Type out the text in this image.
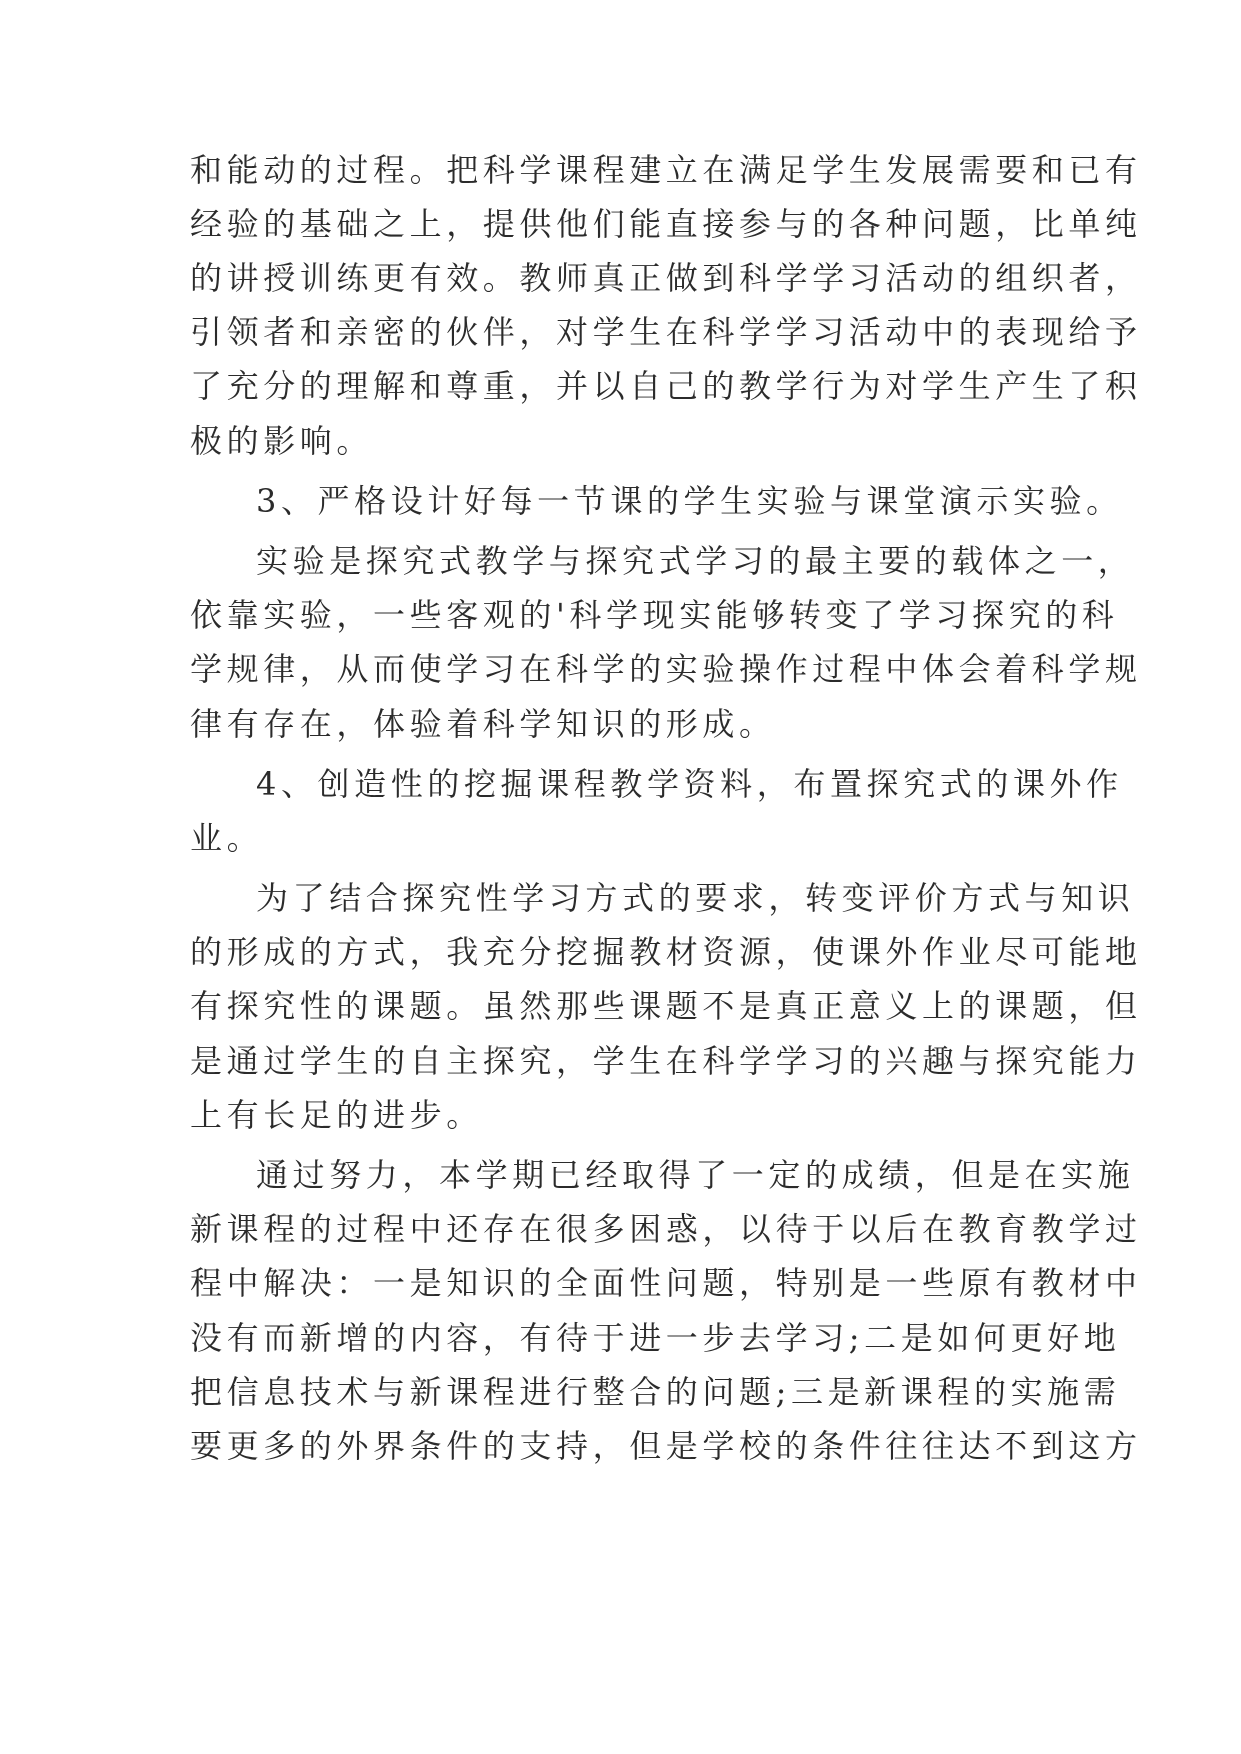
和能动的过程。把科学课程建立在满足学生发展需要和已有
经验的基础之上，提供他们能直接参与的各种问题，比单纯
的讲授训练更有效。教师真正做到科学学习活动的组织者，
引领者和亲密的伙伴，对学生在科学学习活动中的表现给予
了充分的理解和尊重，并以自己的教学行为对学生产生了积
极的影响。
3、严格设计好每一节课的学生实验与课堂演示实验。
实验是探究式教学与探究式学习的最主要的载体之一，
依靠实验，一些客观的'科学现实能够转变了学习探究的科
学规律，从而使学习在科学的实验操作过程中体会着科学规
律有存在，体验着科学知识的形成。
4、创造性的挖掘课程教学资料，布置探究式的课外作
业。
为了结合探究性学习方式的要求，转变评价方式与知识
的形成的方式，我充分挖掘教材资源，使课外作业尽可能地
有探究性的课题。虽然那些课题不是真正意义上的课题，但
是通过学生的自主探究，学生在科学学习的兴趣与探究能力
上有长足的进步。
通过努力，本学期已经取得了一定的成绩，但是在实施
新课程的过程中还存在很多困惑，以待于以后在教育教学过
程中解决：一是知识的全面性问题，特别是一些原有教材中
没有而新增的内容，有待于进一步去学习;二是如何更好地
把信息技术与新课程进行整合的问题;三是新课程的实施需
要更多的外界条件的支持，但是学校的条件往往达不到这方
